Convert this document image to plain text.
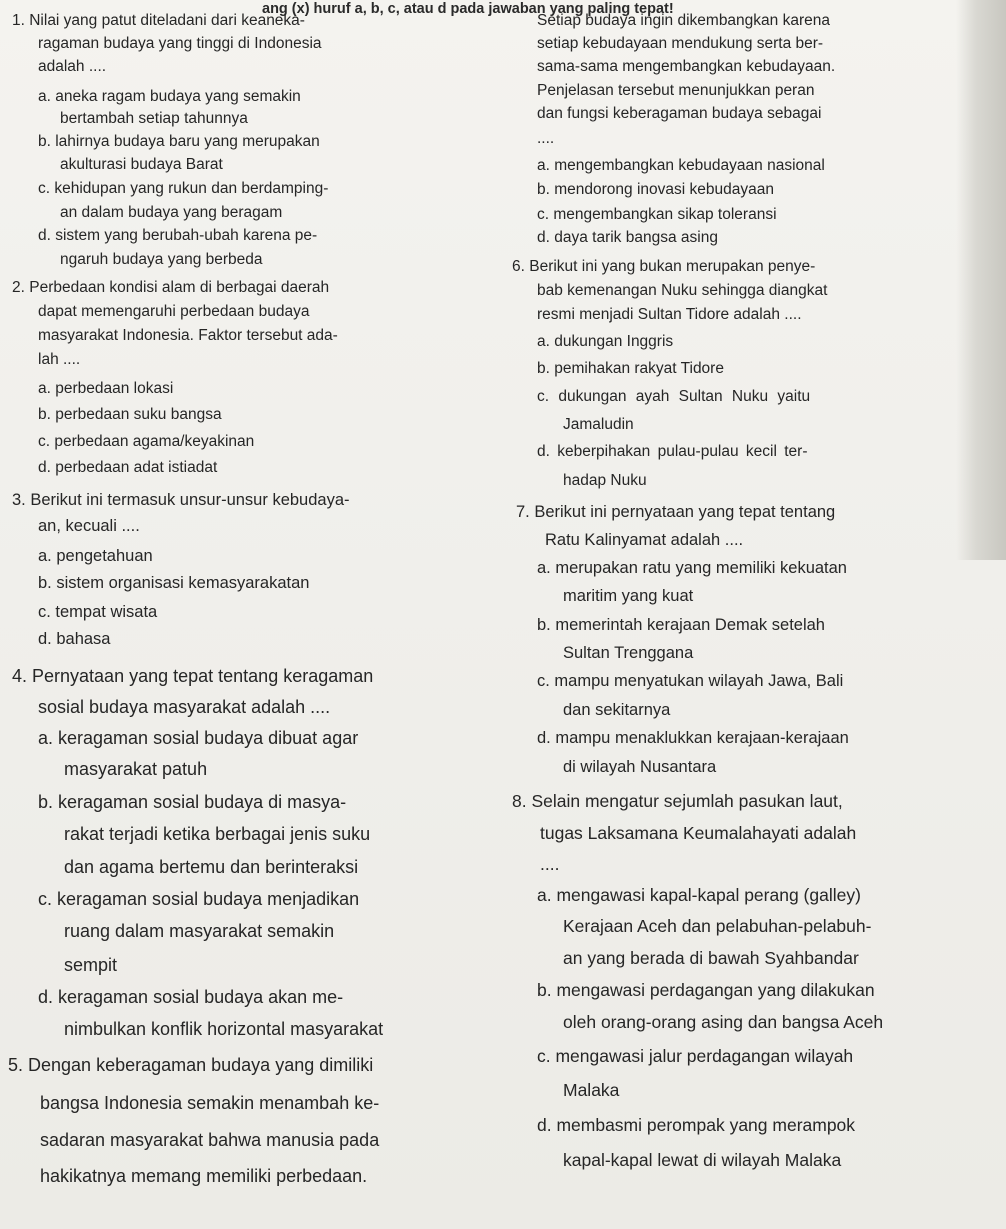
ang (x) huruf a, b, c, atau d pada jawaban yang paling tepat!
1. Nilai yang patut diteladani dari keaneka-
ragaman budaya yang tinggi di Indonesia
adalah ....
a. aneka ragam budaya yang semakin
bertambah setiap tahunnya
b. lahirnya budaya baru yang merupakan
akulturasi budaya Barat
c. kehidupan yang rukun dan berdamping-
an dalam budaya yang beragam
d. sistem yang berubah-ubah karena pe-
ngaruh budaya yang berbeda
2. Perbedaan kondisi alam di berbagai daerah
dapat memengaruhi perbedaan budaya
masyarakat Indonesia. Faktor tersebut ada-
lah ....
a. perbedaan lokasi
b. perbedaan suku bangsa
c. perbedaan agama/keyakinan
d. perbedaan adat istiadat
3. Berikut ini termasuk unsur-unsur kebudaya-
an, kecuali ....
a. pengetahuan
b. sistem organisasi kemasyarakatan
c. tempat wisata
d. bahasa
4. Pernyataan yang tepat tentang keragaman
sosial budaya masyarakat adalah ....
a. keragaman sosial budaya dibuat agar
masyarakat patuh
b. keragaman sosial budaya di masya-
rakat terjadi ketika berbagai jenis suku
dan agama bertemu dan berinteraksi
c. keragaman sosial budaya menjadikan
ruang dalam masyarakat semakin
sempit
d. keragaman sosial budaya akan me-
nimbulkan konflik horizontal masyarakat
5. Dengan keberagaman budaya yang dimiliki
bangsa Indonesia semakin menambah ke-
sadaran masyarakat bahwa manusia pada
hakikatnya memang memiliki perbedaan.
Setiap budaya ingin dikembangkan karena
setiap kebudayaan mendukung serta ber-
sama-sama mengembangkan kebudayaan.
Penjelasan tersebut menunjukkan peran
dan fungsi keberagaman budaya sebagai
....
a. mengembangkan kebudayaan nasional
b. mendorong inovasi kebudayaan
c. mengembangkan sikap toleransi
d. daya tarik bangsa asing
6. Berikut ini yang bukan merupakan penye-
bab kemenangan Nuku sehingga diangkat
resmi menjadi Sultan Tidore adalah ....
a. dukungan Inggris
b. pemihakan rakyat Tidore
c. dukungan ayah Sultan Nuku yaitu
Jamaludin
d. keberpihakan pulau-pulau kecil ter-
hadap Nuku
7. Berikut ini pernyataan yang tepat tentang
Ratu Kalinyamat adalah ....
a. merupakan ratu yang memiliki kekuatan
maritim yang kuat
b. memerintah kerajaan Demak setelah
Sultan Trenggana
c. mampu menyatukan wilayah Jawa, Bali
dan sekitarnya
d. mampu menaklukkan kerajaan-kerajaan
di wilayah Nusantara
8. Selain mengatur sejumlah pasukan laut,
tugas Laksamana Keumalahayati adalah
....
a. mengawasi kapal-kapal perang (galley)
Kerajaan Aceh dan pelabuhan-pelabuh-
an yang berada di bawah Syahbandar
b. mengawasi perdagangan yang dilakukan
oleh orang-orang asing dan bangsa Aceh
c. mengawasi jalur perdagangan wilayah
Malaka
d. membasmi perompak yang merampok
kapal-kapal lewat di wilayah Malaka
